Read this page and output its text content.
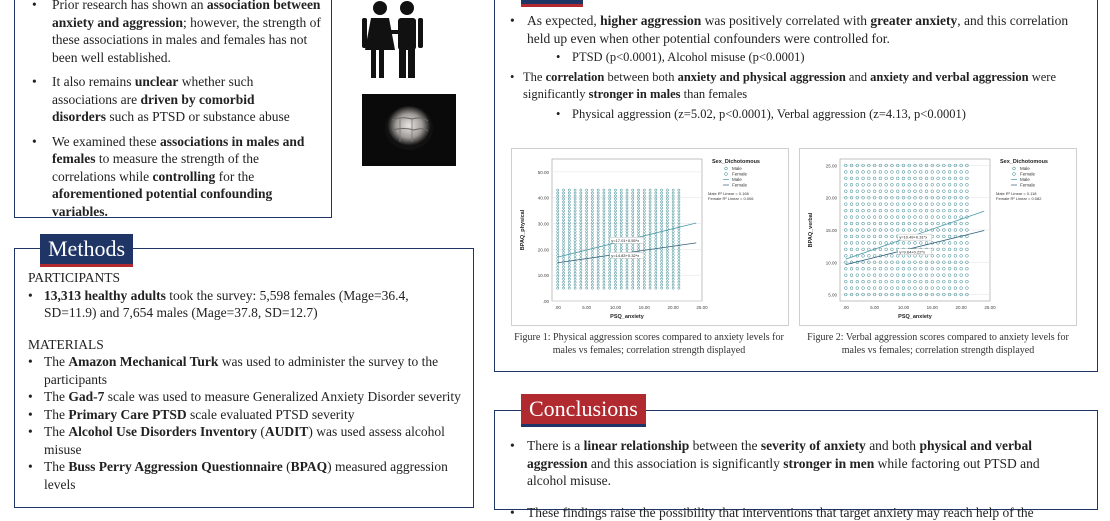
• Prior research has shown an association between anxiety and aggression; however, the strength of these associations in males and females has not been well established.
• It also remains unclear whether such associations are driven by comorbid disorders such as PTSD or substance abuse
• We examined these associations in males and females to measure the strength of the correlations while controlling for the aforementioned potential confounding variables.
Methods
PARTICIPANTS
• 13,313 healthy adults took the survey: 5,598 females (Mage=36.4, SD=11.9) and 7,654 males (Mage=37.8, SD=12.7)
MATERIALS
• The Amazon Mechanical Turk was used to administer the survey to the participants
• The Gad-7 scale was used to measure Generalized Anxiety Disorder severity
• The Primary Care PTSD scale evaluated PTSD severity
• The Alcohol Use Disorders Inventory (AUDIT) was used assess alcohol misuse
• The Buss Perry Aggression Questionnaire (BPAQ) measured aggression levels
• As expected, higher aggression was positively correlated with greater anxiety, and this correlation held up even when other potential confounders were controlled for.
• PTSD (p<0.0001), Alcohol misuse (p<0.0001)
• The correlation between both anxiety and physical aggression and anxiety and verbal aggression were significantly stronger in males than females
• Physical aggression (z=5.02, p<0.0001), Verbal aggression (z=4.13, p<0.0001)
.00
10.00
20.00
30.00
40.00
50.00
.00	5.00	10.00	15.00	20.00	25.00
PSQ_anxiety
BPAQ_physical	y=17.01+0.55*x
y=14.83+0.32*x
Sex_Dichotomous
Male
Female
Male
Female
Male R² Linear = 0.166
Female R² Linear = 0.006
Figure 1: Physical aggression scores compared to anxiety levels for males vs females; correlation strength displayed
5.00
10.00
15.00
20.00
25.00
.00	5.00	10.00	15.00	20.00	25.00
PSQ_anxiety
BPAQ_verbal	y=10.49+0.31*x
y=9.64+0.22*x
Sex_Dichotomous
Male
Female
Male
Female
Male R² Linear = 0.118
Female R² Linear = 0.082
Figure 2: Verbal aggression scores compared to anxiety levels for males vs females; correlation strength displayed
Conclusions
• There is a linear relationship between the severity of anxiety and both physical and verbal aggression and this association is significantly stronger in men while factoring out PTSD and alcohol misuse.
• These findings raise the possibility that interventions that target anxiety may reach help of the
